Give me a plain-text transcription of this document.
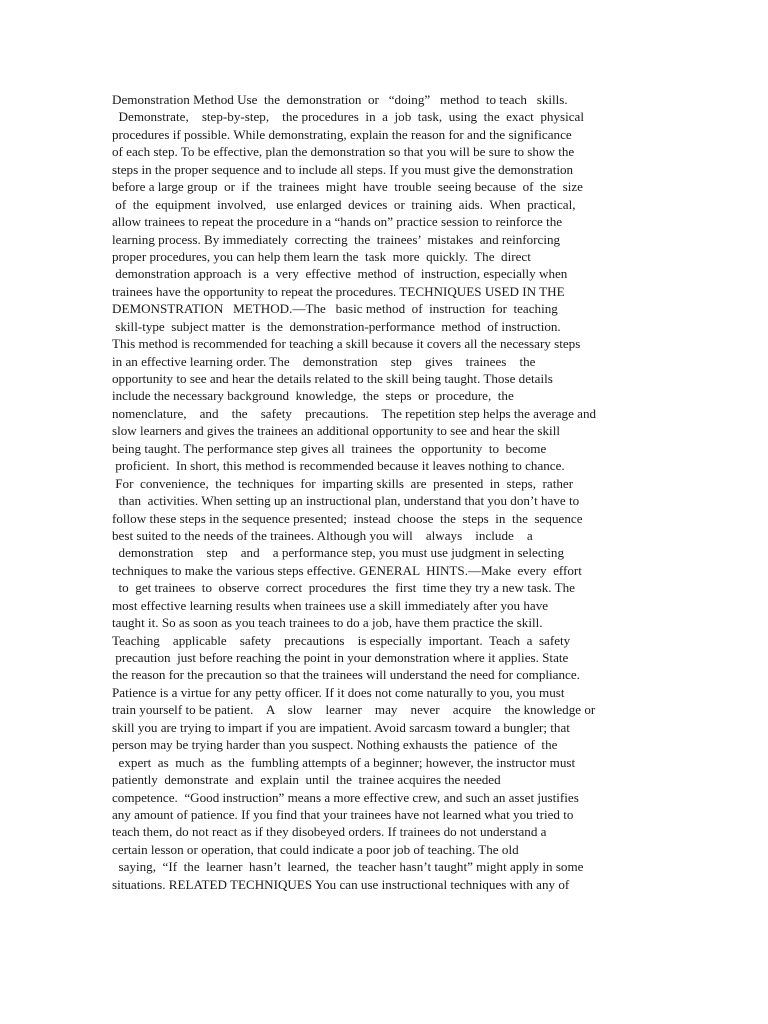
Demonstration Method Use  the  demonstration  or   “doing”   method  to teach   skills.
Demonstrate,    step-by-step,    the procedures  in  a  job  task,  using  the  exact  physical
procedures if possible. While demonstrating, explain the reason for and the significance
of each step. To be effective, plan the demonstration so that you will be sure to show the
steps in the proper sequence and to include all steps. If you must give the demonstration
before a large group  or  if  the  trainees  might  have  trouble  seeing because  of  the  size
of  the  equipment  involved,   use enlarged  devices  or  training  aids.  When  practical,
allow trainees to repeat the procedure in a “hands on” practice session to reinforce the
learning process. By immediately  correcting  the  trainees’  mistakes  and reinforcing
proper procedures, you can help them learn the  task  more  quickly.  The  direct
demonstration approach  is  a  very  effective  method  of  instruction, especially when
trainees have the opportunity to repeat the procedures. TECHNIQUES USED IN THE
DEMONSTRATION   METHOD.—The   basic method  of  instruction  for  teaching
skill-type  subject matter  is  the  demonstration-performance  method  of instruction.
This method is recommended for teaching a skill because it covers all the necessary steps
in an effective learning order. The    demonstration    step    gives    trainees    the
opportunity to see and hear the details related to the skill being taught. Those details
include the necessary background  knowledge,  the  steps  or  procedure,  the
nomenclature,    and    the    safety    precautions.    The repetition step helps the average and
slow learners and gives the trainees an additional opportunity to see and hear the skill
being taught. The performance step gives all  trainees  the  opportunity  to  become
proficient.  In short, this method is recommended because it leaves nothing to chance.
For  convenience,  the  techniques  for  imparting skills  are  presented  in  steps,  rather
than  activities. When setting up an instructional plan, understand that you don’t have to
follow these steps in the sequence presented;  instead  choose  the  steps  in  the  sequence
best suited to the needs of the trainees. Although you will    always    include    a
demonstration    step    and    a performance step, you must use judgment in selecting
techniques to make the various steps effective. GENERAL  HINTS.—Make  every  effort
to  get trainees  to  observe  correct  procedures  the  first  time they try a new task. The
most effective learning results when trainees use a skill immediately after you have
taught it. So as soon as you teach trainees to do a job, have them practice the skill.
Teaching    applicable    safety    precautions    is especially  important.  Teach  a  safety
precaution  just before reaching the point in your demonstration where it applies. State
the reason for the precaution so that the trainees will understand the need for compliance.
Patience is a virtue for any petty officer. If it does not come naturally to you, you must
train yourself to be patient.    A    slow    learner    may    never    acquire    the knowledge or
skill you are trying to impart if you are impatient. Avoid sarcasm toward a bungler; that
person may be trying harder than you suspect. Nothing exhausts the  patience  of  the
expert  as  much  as  the  fumbling attempts of a beginner; however, the instructor must
patiently  demonstrate  and  explain  until  the  trainee acquires the needed
competence.  “Good instruction” means a more effective crew, and such an asset justifies
any amount of patience. If you find that your trainees have not learned what you tried to
teach them, do not react as if they disobeyed orders. If trainees do not understand a
certain lesson or operation, that could indicate a poor job of teaching. The old
saying,  “If  the  learner  hasn’t  learned,  the  teacher hasn’t taught” might apply in some
situations. RELATED TECHNIQUES You can use instructional techniques with any of
